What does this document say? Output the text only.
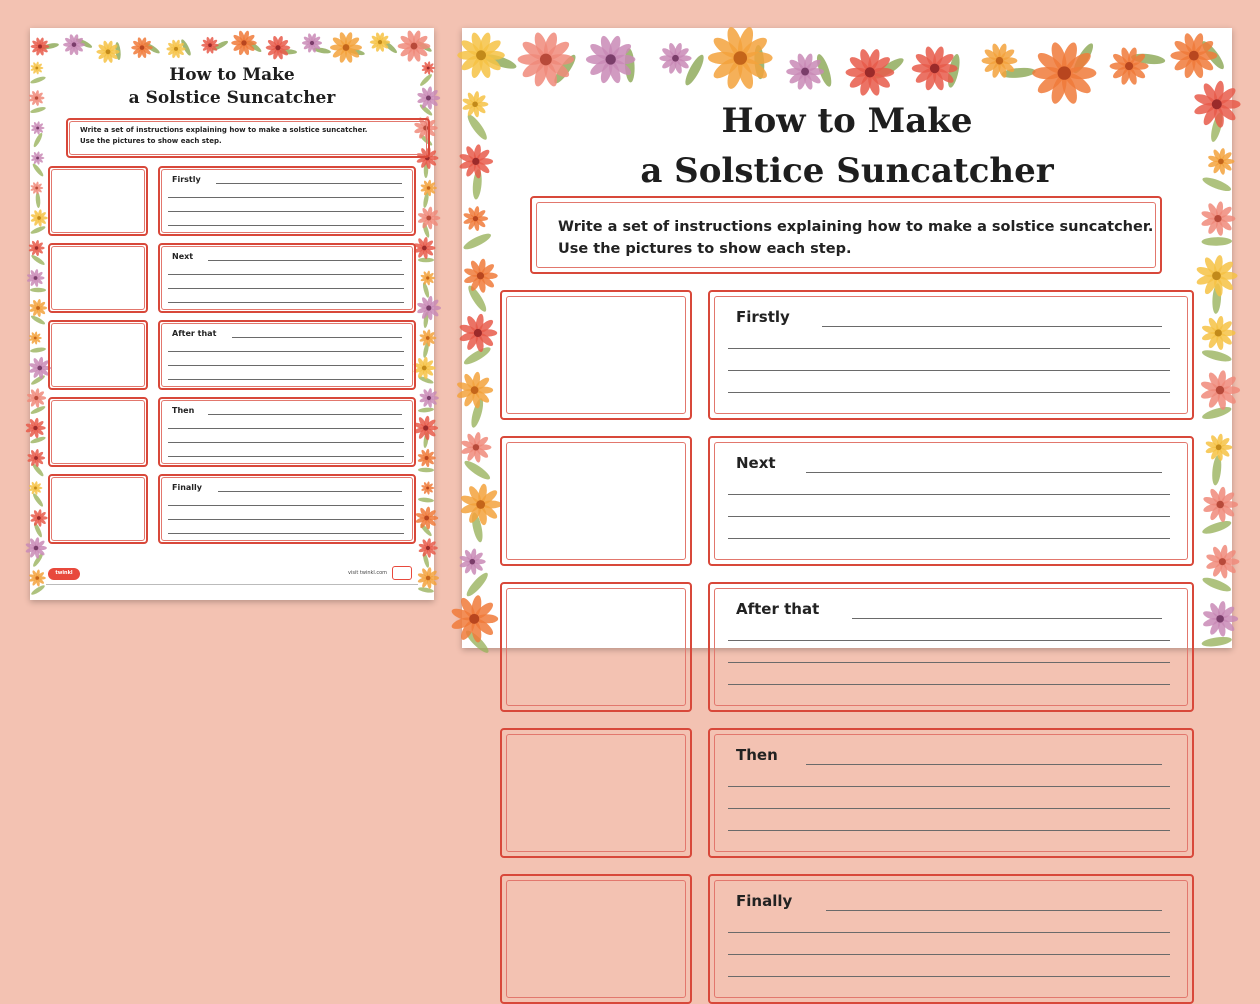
How to Make
a Solstice Suncatcher
Write a set of instructions explaining how to make a solstice suncatcher.
Use the pictures to show each step.
twinkl	visit twinkl.com
Firstly
Next
After that
Then
Finally
How to Make
a Solstice Suncatcher
Write a set of instructions explaining how to make a solstice suncatcher.
Use the pictures to show each step.
Firstly
Next
After that
Then
Finally
